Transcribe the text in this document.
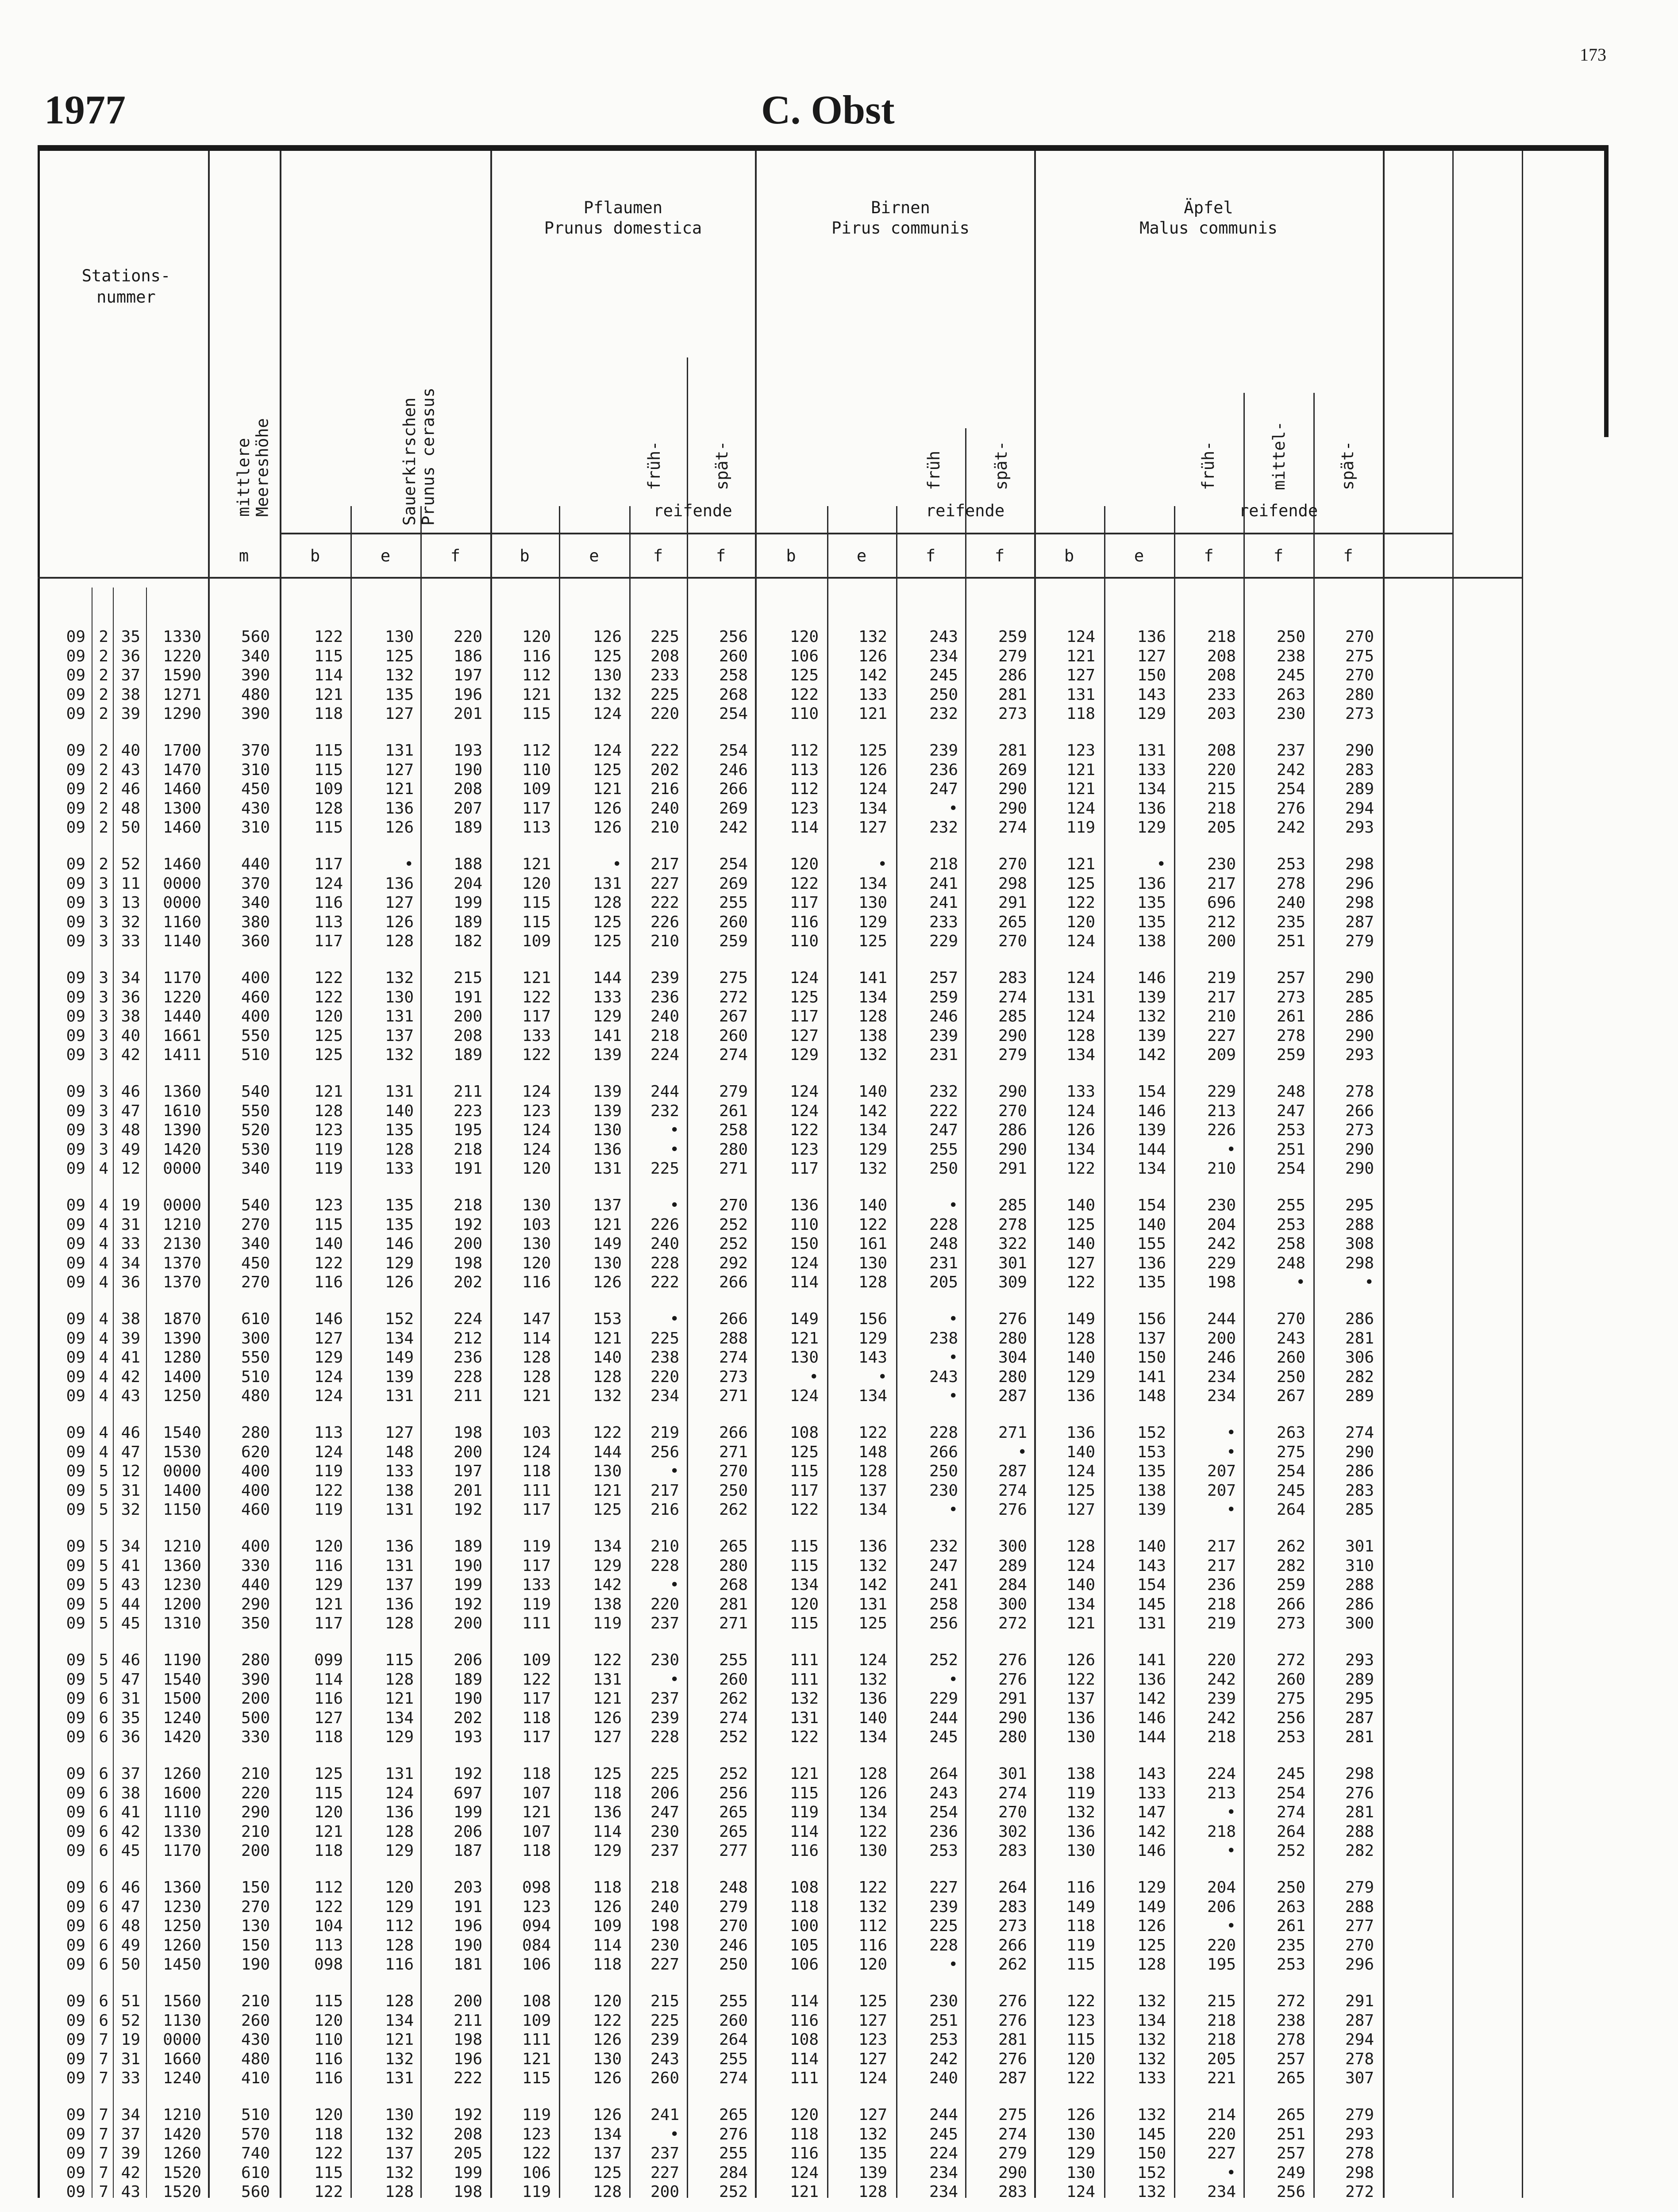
173
1977	C. Obst
Stations-
nummer
mittlere
Meereshöhe	Sauerkirschen
Prunus cerasus
Pflaumen
Prunus domestica
früh-	spät-
reifende
Birnen
Pirus communis
früh	spät-
reifende
Äpfel
Malus communis
früh-	mittel-	spät-
reifende
m	b	e	f	b	e	f	f	b	e	f	f	b	e	f	f	f
09 2 35	1330	560	122	130	220	120	126	225	256	120	132	243	259	124	136	218	250	270
09 2 36	1220	340	115	125	186	116	125	208	260	106	126	234	279	121	127	208	238	275
09 2 37	1590	390	114	132	197	112	130	233	258	125	142	245	286	127	150	208	245	270
09 2 38	1271	480	121	135	196	121	132	225	268	122	133	250	281	131	143	233	263	280
09 2 39	1290	390	118	127	201	115	124	220	254	110	121	232	273	118	129	203	230	273
09 2 40	1700	370	115	131	193	112	124	222	254	112	125	239	281	123	131	208	237	290
09 2 43	1470	310	115	127	190	110	125	202	246	113	126	236	269	121	133	220	242	283
09 2 46	1460	450	109	121	208	109	121	216	266	112	124	247	290	121	134	215	254	289
09 2 48	1300	430	128	136	207	117	126	240	269	123	134	•	290	124	136	218	276	294
09 2 50	1460	310	115	126	189	113	126	210	242	114	127	232	274	119	129	205	242	293
09 2 52	1460	440	117	•	188	121	•	217	254	120	•	218	270	121	•	230	253	298
09 3 11	0000	370	124	136	204	120	131	227	269	122	134	241	298	125	136	217	278	296
09 3 13	0000	340	116	127	199	115	128	222	255	117	130	241	291	122	135	696	240	298
09 3 32	1160	380	113	126	189	115	125	226	260	116	129	233	265	120	135	212	235	287
09 3 33	1140	360	117	128	182	109	125	210	259	110	125	229	270	124	138	200	251	279
09 3 34	1170	400	122	132	215	121	144	239	275	124	141	257	283	124	146	219	257	290
09 3 36	1220	460	122	130	191	122	133	236	272	125	134	259	274	131	139	217	273	285
09 3 38	1440	400	120	131	200	117	129	240	267	117	128	246	285	124	132	210	261	286
09 3 40	1661	550	125	137	208	133	141	218	260	127	138	239	290	128	139	227	278	290
09 3 42	1411	510	125	132	189	122	139	224	274	129	132	231	279	134	142	209	259	293
09 3 46	1360	540	121	131	211	124	139	244	279	124	140	232	290	133	154	229	248	278
09 3 47	1610	550	128	140	223	123	139	232	261	124	142	222	270	124	146	213	247	266
09 3 48	1390	520	123	135	195	124	130	•	258	122	134	247	286	126	139	226	253	273
09 3 49	1420	530	119	128	218	124	136	•	280	123	129	255	290	134	144	•	251	290
09 4 12	0000	340	119	133	191	120	131	225	271	117	132	250	291	122	134	210	254	290
09 4 19	0000	540	123	135	218	130	137	•	270	136	140	•	285	140	154	230	255	295
09 4 31	1210	270	115	135	192	103	121	226	252	110	122	228	278	125	140	204	253	288
09 4 33	2130	340	140	146	200	130	149	240	252	150	161	248	322	140	155	242	258	308
09 4 34	1370	450	122	129	198	120	130	228	292	124	130	231	301	127	136	229	248	298
09 4 36	1370	270	116	126	202	116	126	222	266	114	128	205	309	122	135	198	•	•
09 4 38	1870	610	146	152	224	147	153	•	266	149	156	•	276	149	156	244	270	286
09 4 39	1390	300	127	134	212	114	121	225	288	121	129	238	280	128	137	200	243	281
09 4 41	1280	550	129	149	236	128	140	238	274	130	143	•	304	140	150	246	260	306
09 4 42	1400	510	124	139	228	128	128	220	273	•	•	243	280	129	141	234	250	282
09 4 43	1250	480	124	131	211	121	132	234	271	124	134	•	287	136	148	234	267	289
09 4 46	1540	280	113	127	198	103	122	219	266	108	122	228	271	136	152	•	263	274
09 4 47	1530	620	124	148	200	124	144	256	271	125	148	266	•	140	153	•	275	290
09 5 12	0000	400	119	133	197	118	130	•	270	115	128	250	287	124	135	207	254	286
09 5 31	1400	400	122	138	201	111	121	217	250	117	137	230	274	125	138	207	245	283
09 5 32	1150	460	119	131	192	117	125	216	262	122	134	•	276	127	139	•	264	285
09 5 34	1210	400	120	136	189	119	134	210	265	115	136	232	300	128	140	217	262	301
09 5 41	1360	330	116	131	190	117	129	228	280	115	132	247	289	124	143	217	282	310
09 5 43	1230	440	129	137	199	133	142	•	268	134	142	241	284	140	154	236	259	288
09 5 44	1200	290	121	136	192	119	138	220	281	120	131	258	300	134	145	218	266	286
09 5 45	1310	350	117	128	200	111	119	237	271	115	125	256	272	121	131	219	273	300
09 5 46	1190	280	099	115	206	109	122	230	255	111	124	252	276	126	141	220	272	293
09 5 47	1540	390	114	128	189	122	131	•	260	111	132	•	276	122	136	242	260	289
09 6 31	1500	200	116	121	190	117	121	237	262	132	136	229	291	137	142	239	275	295
09 6 35	1240	500	127	134	202	118	126	239	274	131	140	244	290	136	146	242	256	287
09 6 36	1420	330	118	129	193	117	127	228	252	122	134	245	280	130	144	218	253	281
09 6 37	1260	210	125	131	192	118	125	225	252	121	128	264	301	138	143	224	245	298
09 6 38	1600	220	115	124	697	107	118	206	256	115	126	243	274	119	133	213	254	276
09 6 41	1110	290	120	136	199	121	136	247	265	119	134	254	270	132	147	•	274	281
09 6 42	1330	210	121	128	206	107	114	230	265	114	122	236	302	136	142	218	264	288
09 6 45	1170	200	118	129	187	118	129	237	277	116	130	253	283	130	146	•	252	282
09 6 46	1360	150	112	120	203	098	118	218	248	108	122	227	264	116	129	204	250	279
09 6 47	1230	270	122	129	191	123	126	240	279	118	132	239	283	149	149	206	263	288
09 6 48	1250	130	104	112	196	094	109	198	270	100	112	225	273	118	126	•	261	277
09 6 49	1260	150	113	128	190	084	114	230	246	105	116	228	266	119	125	220	235	270
09 6 50	1450	190	098	116	181	106	118	227	250	106	120	•	262	115	128	195	253	296
09 6 51	1560	210	115	128	200	108	120	215	255	114	125	230	276	122	132	215	272	291
09 6 52	1130	260	120	134	211	109	122	225	260	116	127	251	276	123	134	218	238	287
09 7 19	0000	430	110	121	198	111	126	239	264	108	123	253	281	115	132	218	278	294
09 7 31	1660	480	116	132	196	121	130	243	255	114	127	242	276	120	132	205	257	278
09 7 33	1240	410	116	131	222	115	126	260	274	111	124	240	287	122	133	221	265	307
09 7 34	1210	510	120	130	192	119	126	241	265	120	127	244	275	126	132	214	265	279
09 7 37	1420	570	118	132	208	123	134	•	276	118	132	245	274	130	145	220	251	293
09 7 39	1260	740	122	137	205	122	137	237	255	116	135	224	279	129	150	227	257	278
09 7 42	1520	610	115	132	199	106	125	227	284	124	139	234	290	130	152	•	249	298
09 7 43	1520	560	122	128	198	119	128	200	252	121	128	234	283	124	132	234	256	272
